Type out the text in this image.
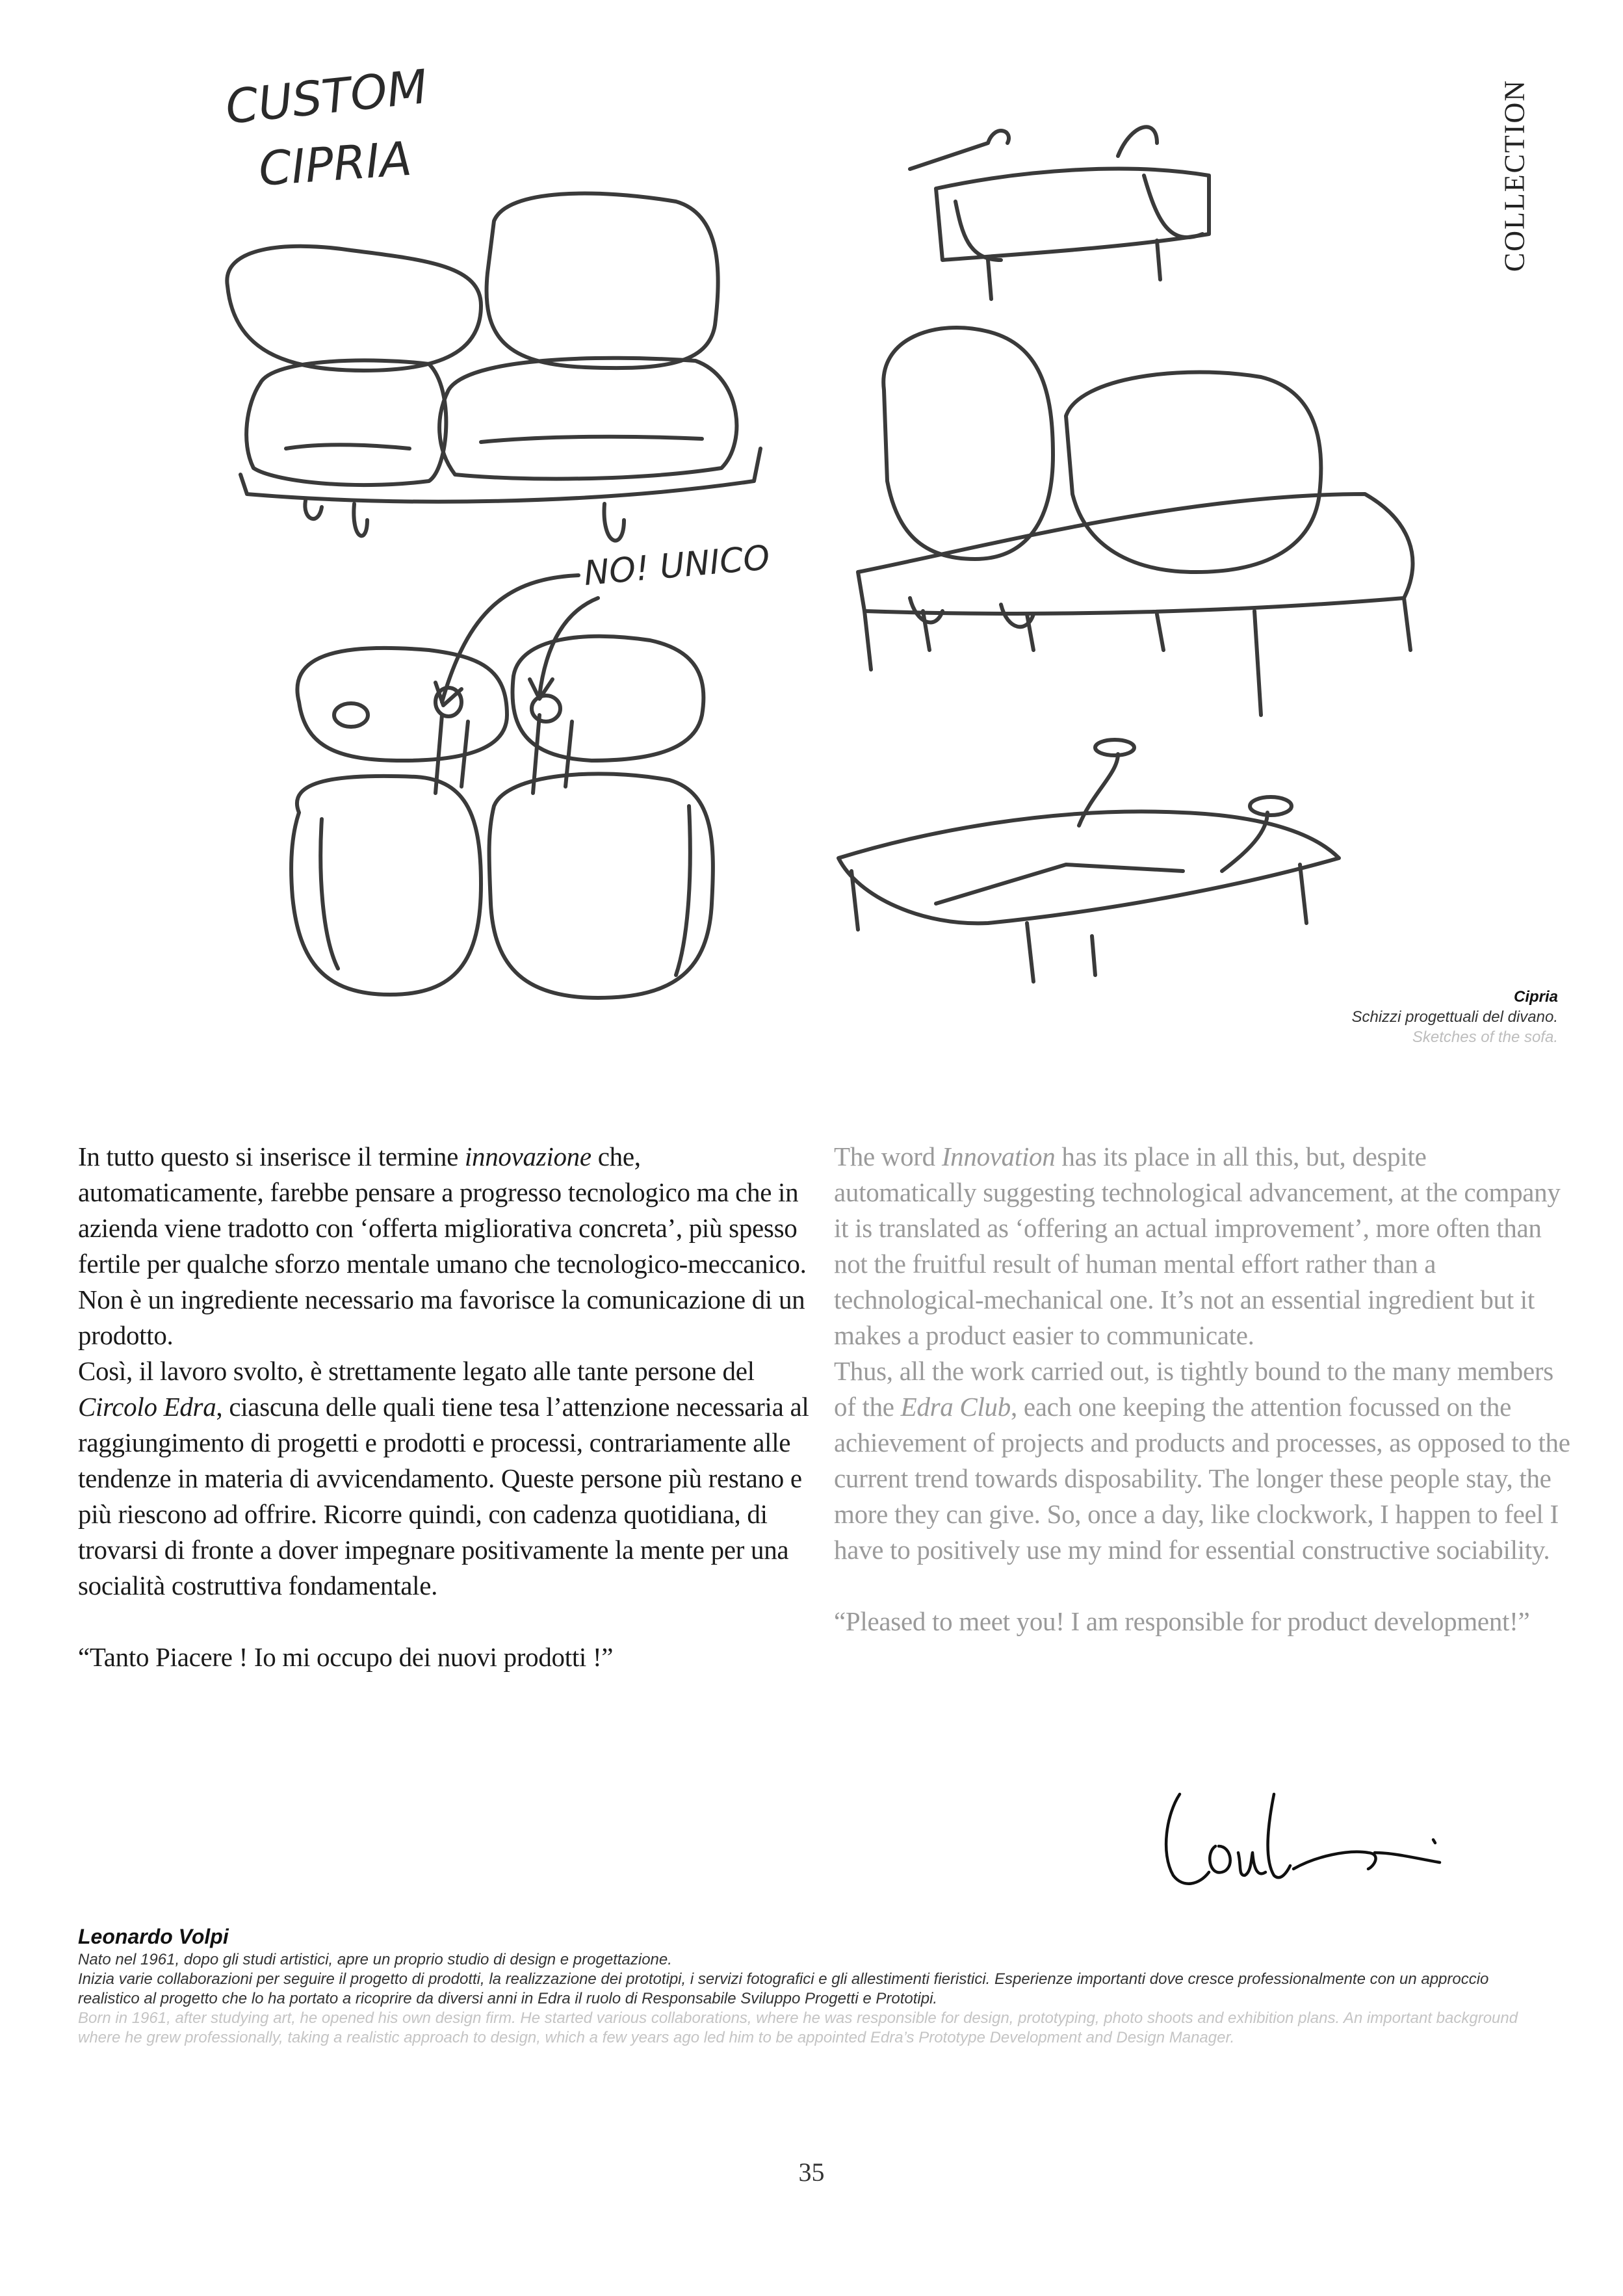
COLLECTION
CUSTOM
CIPRIA
NO! UNICO
Cipria
Schizzi progettuali del divano.
Sketches of the sofa.

In tutto questo si inserisce il termine innovazione che, automaticamente, farebbe pensare a progresso tecnologico ma che in azienda viene tradotto con ‘offerta migliorativa concreta’, più spesso fertile per qualche sforzo mentale umano che tecnologico-meccanico. Non è un ingrediente necessario ma favorisce la comunicazione di un prodotto.

Così, il lavoro svolto, è strettamente legato alle tante persone del Circolo Edra, ciascuna delle quali tiene tesa l’attenzione necessaria al raggiungimento di progetti e prodotti e processi, contrariamente alle tendenze in materia di avvicendamento. Queste persone più restano e più riescono ad offrire. Ricorre quindi, con cadenza quotidiana, di trovarsi di fronte a dover impegnare positivamente la mente per una socialità costruttiva fondamentale.

“Tanto Piacere ! Io mi occupo dei nuovi prodotti !”

The word Innovation has its place in all this, but, despite automatically suggesting technological advancement, at the company it is translated as ‘offering an actual improvement’, more often than not the fruitful result of human mental effort rather than a technological-mechanical one. It’s not an essential ingredient but it makes a product easier to communicate.

Thus, all the work carried out, is tightly bound to the many members of the Edra Club, each one keeping the attention focussed on the achievement of projects and products and processes, as opposed to the current trend towards disposability. The longer these people stay, the more they can give. So, once a day, like clockwork, I happen to feel I have to positively use my mind for essential constructive sociability.

“Pleased to meet you! I am responsible for product development!”

Leonardo Volpi
Nato nel 1961, dopo gli studi artistici, apre un proprio studio di design e progettazione.
Inizia varie collaborazioni per seguire il progetto di prodotti, la realizzazione dei prototipi, i servizi fotografici e gli allestimenti fieristici. Esperienze importanti dove cresce professionalmente con un approccio realistico al progetto che lo ha portato a ricoprire da diversi anni in Edra il ruolo di Responsabile Sviluppo Progetti e Prototipi.
Born in 1961, after studying art, he opened his own design firm. He started various collaborations, where he was responsible for design, prototyping, photo shoots and exhibition plans. An important background where he grew professionally, taking a realistic approach to design, which a few years ago led him to be appointed Edra’s Prototype Development and Design Manager.
35
